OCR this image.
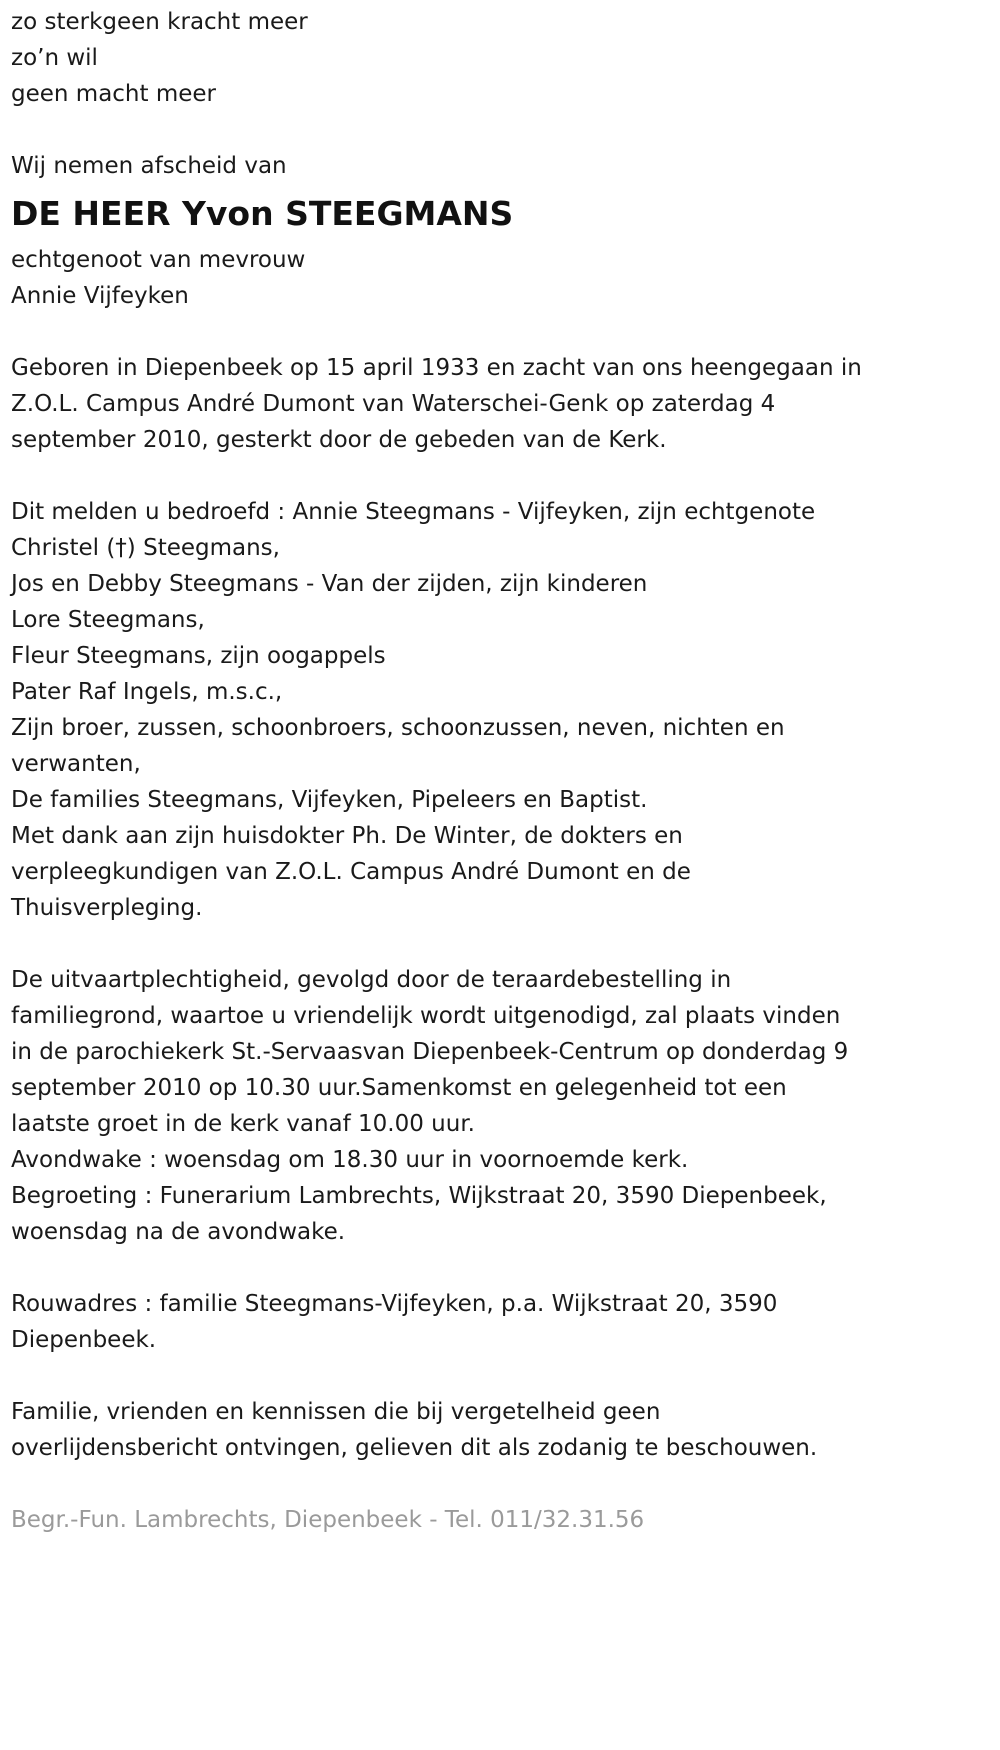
zo sterkgeen kracht meer
zo’n wil
geen macht meer
Wij nemen afscheid van
DE HEER Yvon STEEGMANS
echtgenoot van mevrouw
Annie Vijfeyken
Geboren in Diepenbeek op 15 april 1933 en zacht van ons heengegaan in
Z.O.L. Campus André Dumont van Waterschei-Genk op zaterdag 4
september 2010, gesterkt door de gebeden van de Kerk.
Dit melden u bedroefd : Annie Steegmans - Vijfeyken, zijn echtgenote
Christel (†) Steegmans,
Jos en Debby Steegmans - Van der zijden, zijn kinderen
Lore Steegmans,
Fleur Steegmans, zijn oogappels
Pater Raf Ingels, m.s.c.,
Zijn broer, zussen, schoonbroers, schoonzussen, neven, nichten en
verwanten,
De families Steegmans, Vijfeyken, Pipeleers en Baptist.
Met dank aan zijn huisdokter Ph. De Winter, de dokters en
verpleegkundigen van Z.O.L. Campus André Dumont en de
Thuisverpleging.
De uitvaartplechtigheid, gevolgd door de teraardebestelling in
familiegrond, waartoe u vriendelijk wordt uitgenodigd, zal plaats vinden
in de parochiekerk St.-Servaasvan Diepenbeek-Centrum op donderdag 9
september 2010 op 10.30 uur.Samenkomst en gelegenheid tot een
laatste groet in de kerk vanaf 10.00 uur.
Avondwake : woensdag om 18.30 uur in voornoemde kerk.
Begroeting : Funerarium Lambrechts, Wijkstraat 20, 3590 Diepenbeek,
woensdag na de avondwake.
Rouwadres : familie Steegmans-Vijfeyken, p.a. Wijkstraat 20, 3590
Diepenbeek.
Familie, vrienden en kennissen die bij vergetelheid geen
overlijdensbericht ontvingen, gelieven dit als zodanig te beschouwen.
Begr.-Fun. Lambrechts, Diepenbeek - Tel. 011/32.31.56
